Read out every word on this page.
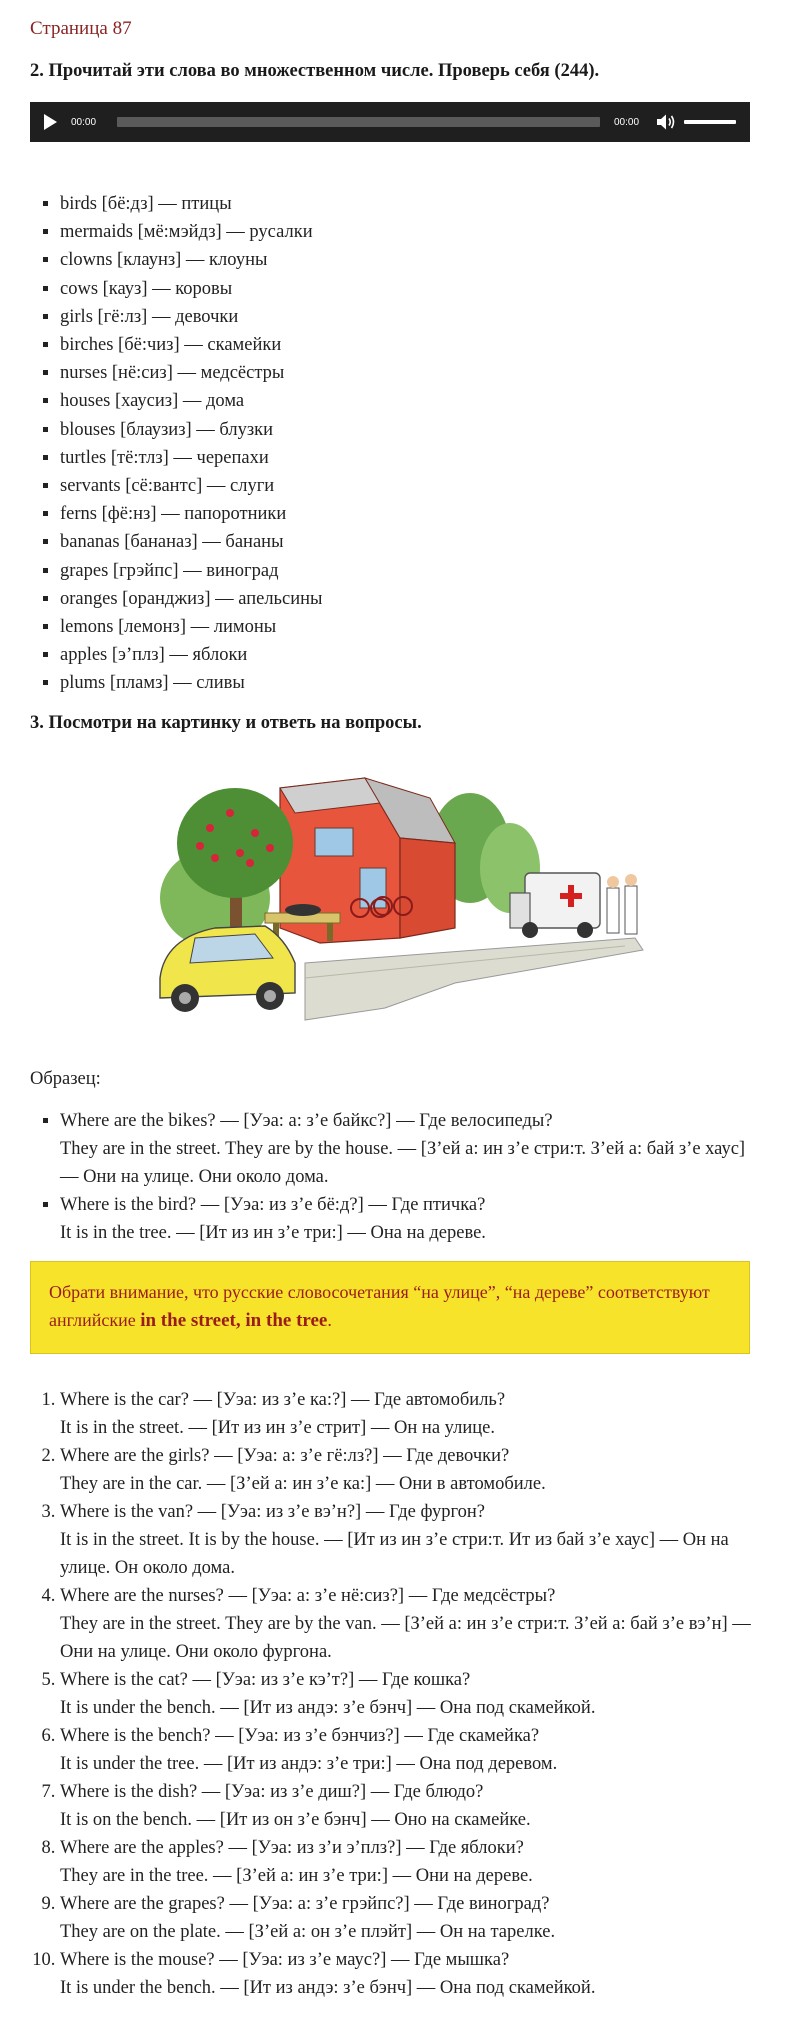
Страница 87

2. Прочитай эти слова во множественном числе. Проверь себя (244).

00:00	00:00
▪ birds [бё:дз] — птицы
▪ mermaids [мё:мэйдз] — русалки
▪ clowns [клаунз] — клоуны
▪ cows [кауз] — коровы
▪ girls [гё:лз] — девочки
▪ birches [бё:чиз] — скамейки
▪ nurses [нё:сиз] — медсёстры
▪ houses [хаусиз] — дома
▪ blouses [блаузиз] — блузки
▪ turtles [тё:тлз] — черепахи
▪ servants [сё:вантс] — слуги
▪ ferns [фё:нз] — папоротники
▪ bananas [бананаз] — бананы
▪ grapes [грэйпс] — виноград
▪ oranges [оранджиз] — апельсины
▪ lemons [лемонз] — лимоны
▪ apples [э’плз] — яблоки
▪ plums [пламз] — сливы

3. Посмотри на картинку и ответь на вопросы.

Образец:
▪ Where are the bikes? — [Уэа: а: з’е байкс?] — Где велосипеды?
They are in the street. They are by the house. — [З’ей а: ин з’е стри:т. З’ей а: бай з’е хаус] — Они на улице. Они около дома.
▪ Where is the bird? — [Уэа: из з’е бё:д?] — Где птичка?
It is in the tree. — [Ит из ин з’е три:] — Она на дереве.
Обрати внимание, что русские словосочетания “на улице”, “на дереве” соответствуют английские in the street, in the tree.
1. Where is the car? — [Уэа: из з’е ка:?] — Где автомобиль?
It is in the street. — [Ит из ин з’е стрит] — Он на улице.
2. Where are the girls? — [Уэа: а: з’е гё:лз?] — Где девочки?
They are in the car. — [З’ей а: ин з’е ка:] — Они в автомобиле.
3. Where is the van? — [Уэа: из з’е вэ’н?] — Где фургон?
It is in the street. It is by the house. — [Ит из ин з’е стри:т. Ит из бай з’е хаус] — Он на улице. Он около дома.
4. Where are the nurses? — [Уэа: а: з’е нё:сиз?] — Где медсёстры?
They are in the street. They are by the van. — [З’ей а: ин з’е стри:т. З’ей а: бай з’е вэ’н] — Они на улице. Они около фургона.
5. Where is the cat? — [Уэа: из з’е кэ’т?] — Где кошка?
It is under the bench. — [Ит из андэ: з’е бэнч] — Она под скамейкой.
6. Where is the bench? — [Уэа: из з’е бэнчиз?] — Где скамейка?
It is under the tree. — [Ит из андэ: з’е три:] — Она под деревом.
7. Where is the dish? — [Уэа: из з’е диш?] — Где блюдо?
It is on the bench. — [Ит из он з’е бэнч] — Оно на скамейке.
8. Where are the apples? — [Уэа: из з’и э’плз?] — Где яблоки?
They are in the tree. — [З’ей а: ин з’е три:] — Они на дереве.
9. Where are the grapes? — [Уэа: а: з’е грэйпс?] — Где виноград?
They are on the plate. — [З’ей а: он з’е плэйт] — Он на тарелке.
10. Where is the mouse? — [Уэа: из з’е маус?] — Где мышка?
It is under the bench. — [Ит из андэ: з’е бэнч] — Она под скамейкой.
